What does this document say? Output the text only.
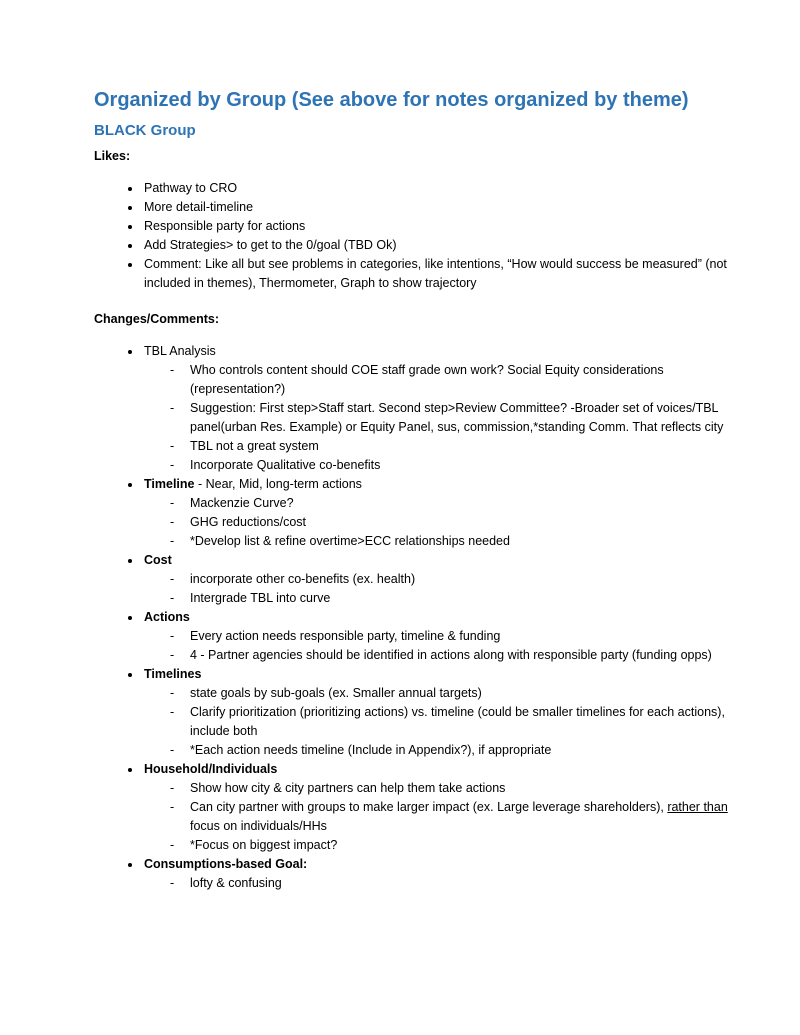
Organized by Group (See above for notes organized by theme)
BLACK Group

Likes:

• Pathway to CRO
• More detail-timeline
• Responsible party for actions
• Add Strategies> to get to the 0/goal (TBD Ok)
• Comment: Like all but see problems in categories, like intentions, “How would success be measured” (not included in themes), Thermometer, Graph to show trajectory

Changes/Comments:

• TBL Analysis
- Who controls content should COE staff grade own work? Social Equity considerations (representation?)
- Suggestion: First step>Staff start. Second step>Review Committee? -Broader set of voices/TBL panel(urban Res. Example) or Equity Panel, sus, commission,*standing Comm. That reflects city
- TBL not a great system
- Incorporate Qualitative co-benefits
• Timeline - Near, Mid, long-term actions
- Mackenzie Curve?
- GHG reductions/cost
- *Develop list & refine overtime>ECC relationships needed
• Cost
- incorporate other co-benefits (ex. health)
- Intergrade TBL into curve
• Actions
- Every action needs responsible party, timeline & funding
- 4 - Partner agencies should be identified in actions along with responsible party (funding opps)
• Timelines
- state goals by sub-goals (ex. Smaller annual targets)
- Clarify prioritization (prioritizing actions) vs. timeline (could be smaller timelines for each actions), include both
- *Each action needs timeline (Include in Appendix?), if appropriate
• Household/Individuals
- Show how city & city partners can help them take actions
- Can city partner with groups to make larger impact (ex. Large leverage shareholders), rather than focus on individuals/HHs
- *Focus on biggest impact?
• Consumptions-based Goal:
- lofty & confusing
